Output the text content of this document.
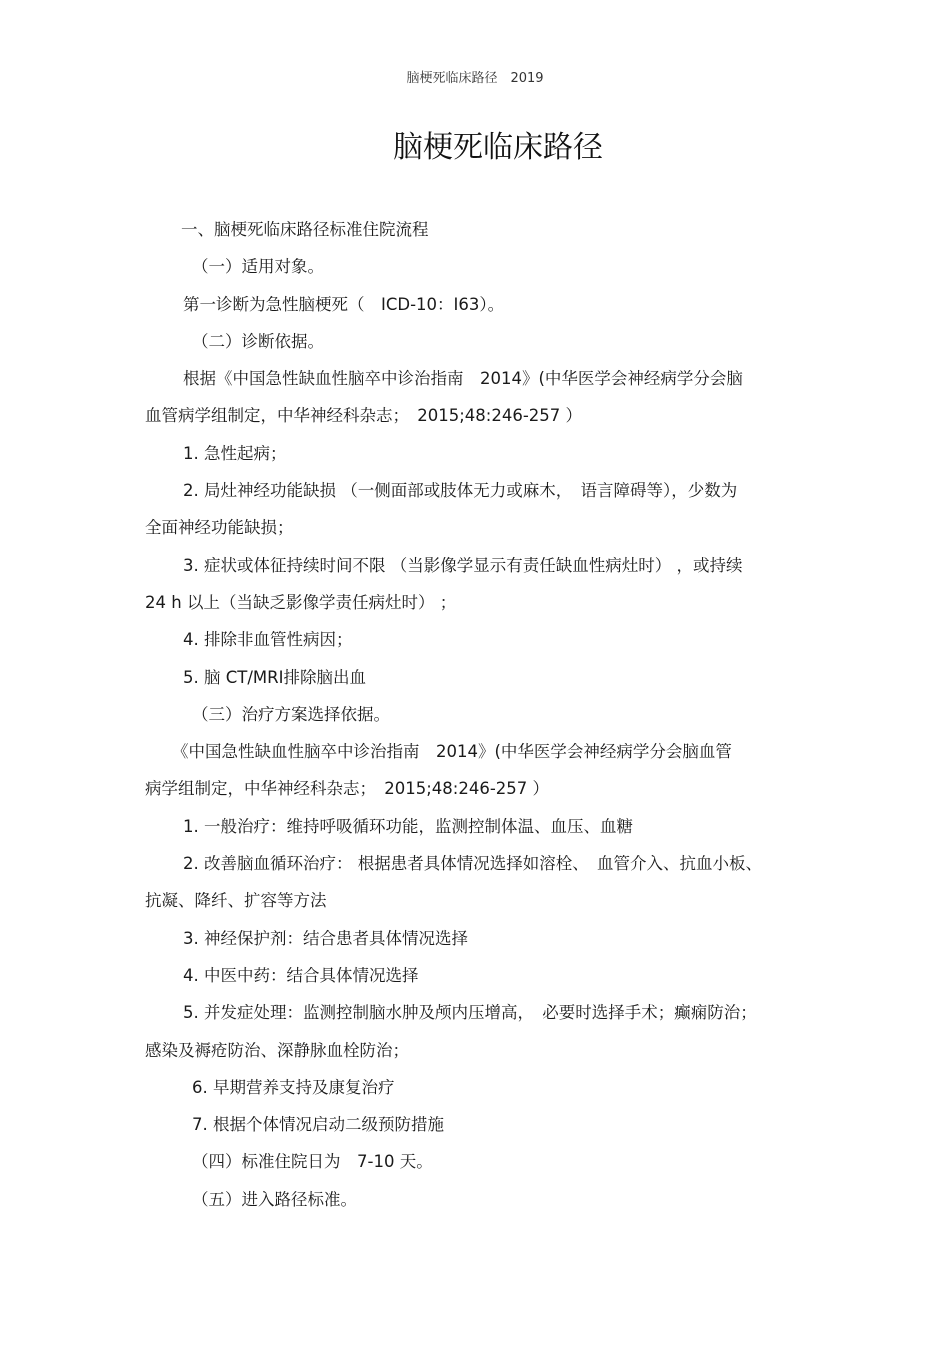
脑梗死临床路径　2019
脑梗死临床路径
一、脑梗死临床路径标准住院流程
（一）适用对象。
第一诊断为急性脑梗死（　ICD-10：I63）。
（二）诊断依据。
根据《中国急性缺血性脑卒中诊治指南　2014》(中华医学会神经病学分会脑
血管病学组制定，中华神经科杂志；　2015;48:246-257 ）
1. 急性起病；
2. 局灶神经功能缺损 （一侧面部或肢体无力或麻木，　语言障碍等），少数为
全面神经功能缺损；
3. 症状或体征持续时间不限 （当影像学显示有责任缺血性病灶时） ，或持续
24 h 以上（当缺乏影像学责任病灶时） ；
4. 排除非血管性病因；
5. 脑 CT/MRI排除脑出血
（三）治疗方案选择依据。
《中国急性缺血性脑卒中诊治指南　2014》(中华医学会神经病学分会脑血管
病学组制定，中华神经科杂志；　2015;48:246-257 ）
1. 一般治疗：维持呼吸循环功能，监测控制体温、血压、血糖
2. 改善脑血循环治疗： 根据患者具体情况选择如溶栓、　血管介入、抗血小板、
抗凝、降纤、扩容等方法
3. 神经保护剂：结合患者具体情况选择
4. 中医中药：结合具体情况选择
5. 并发症处理：监测控制脑水肿及颅内压增高，　必要时选择手术；癫痫防治；
感染及褥疮防治、深静脉血栓防治；
6. 早期营养支持及康复治疗
7. 根据个体情况启动二级预防措施
（四）标准住院日为　7-10 天。
（五）进入路径标准。
